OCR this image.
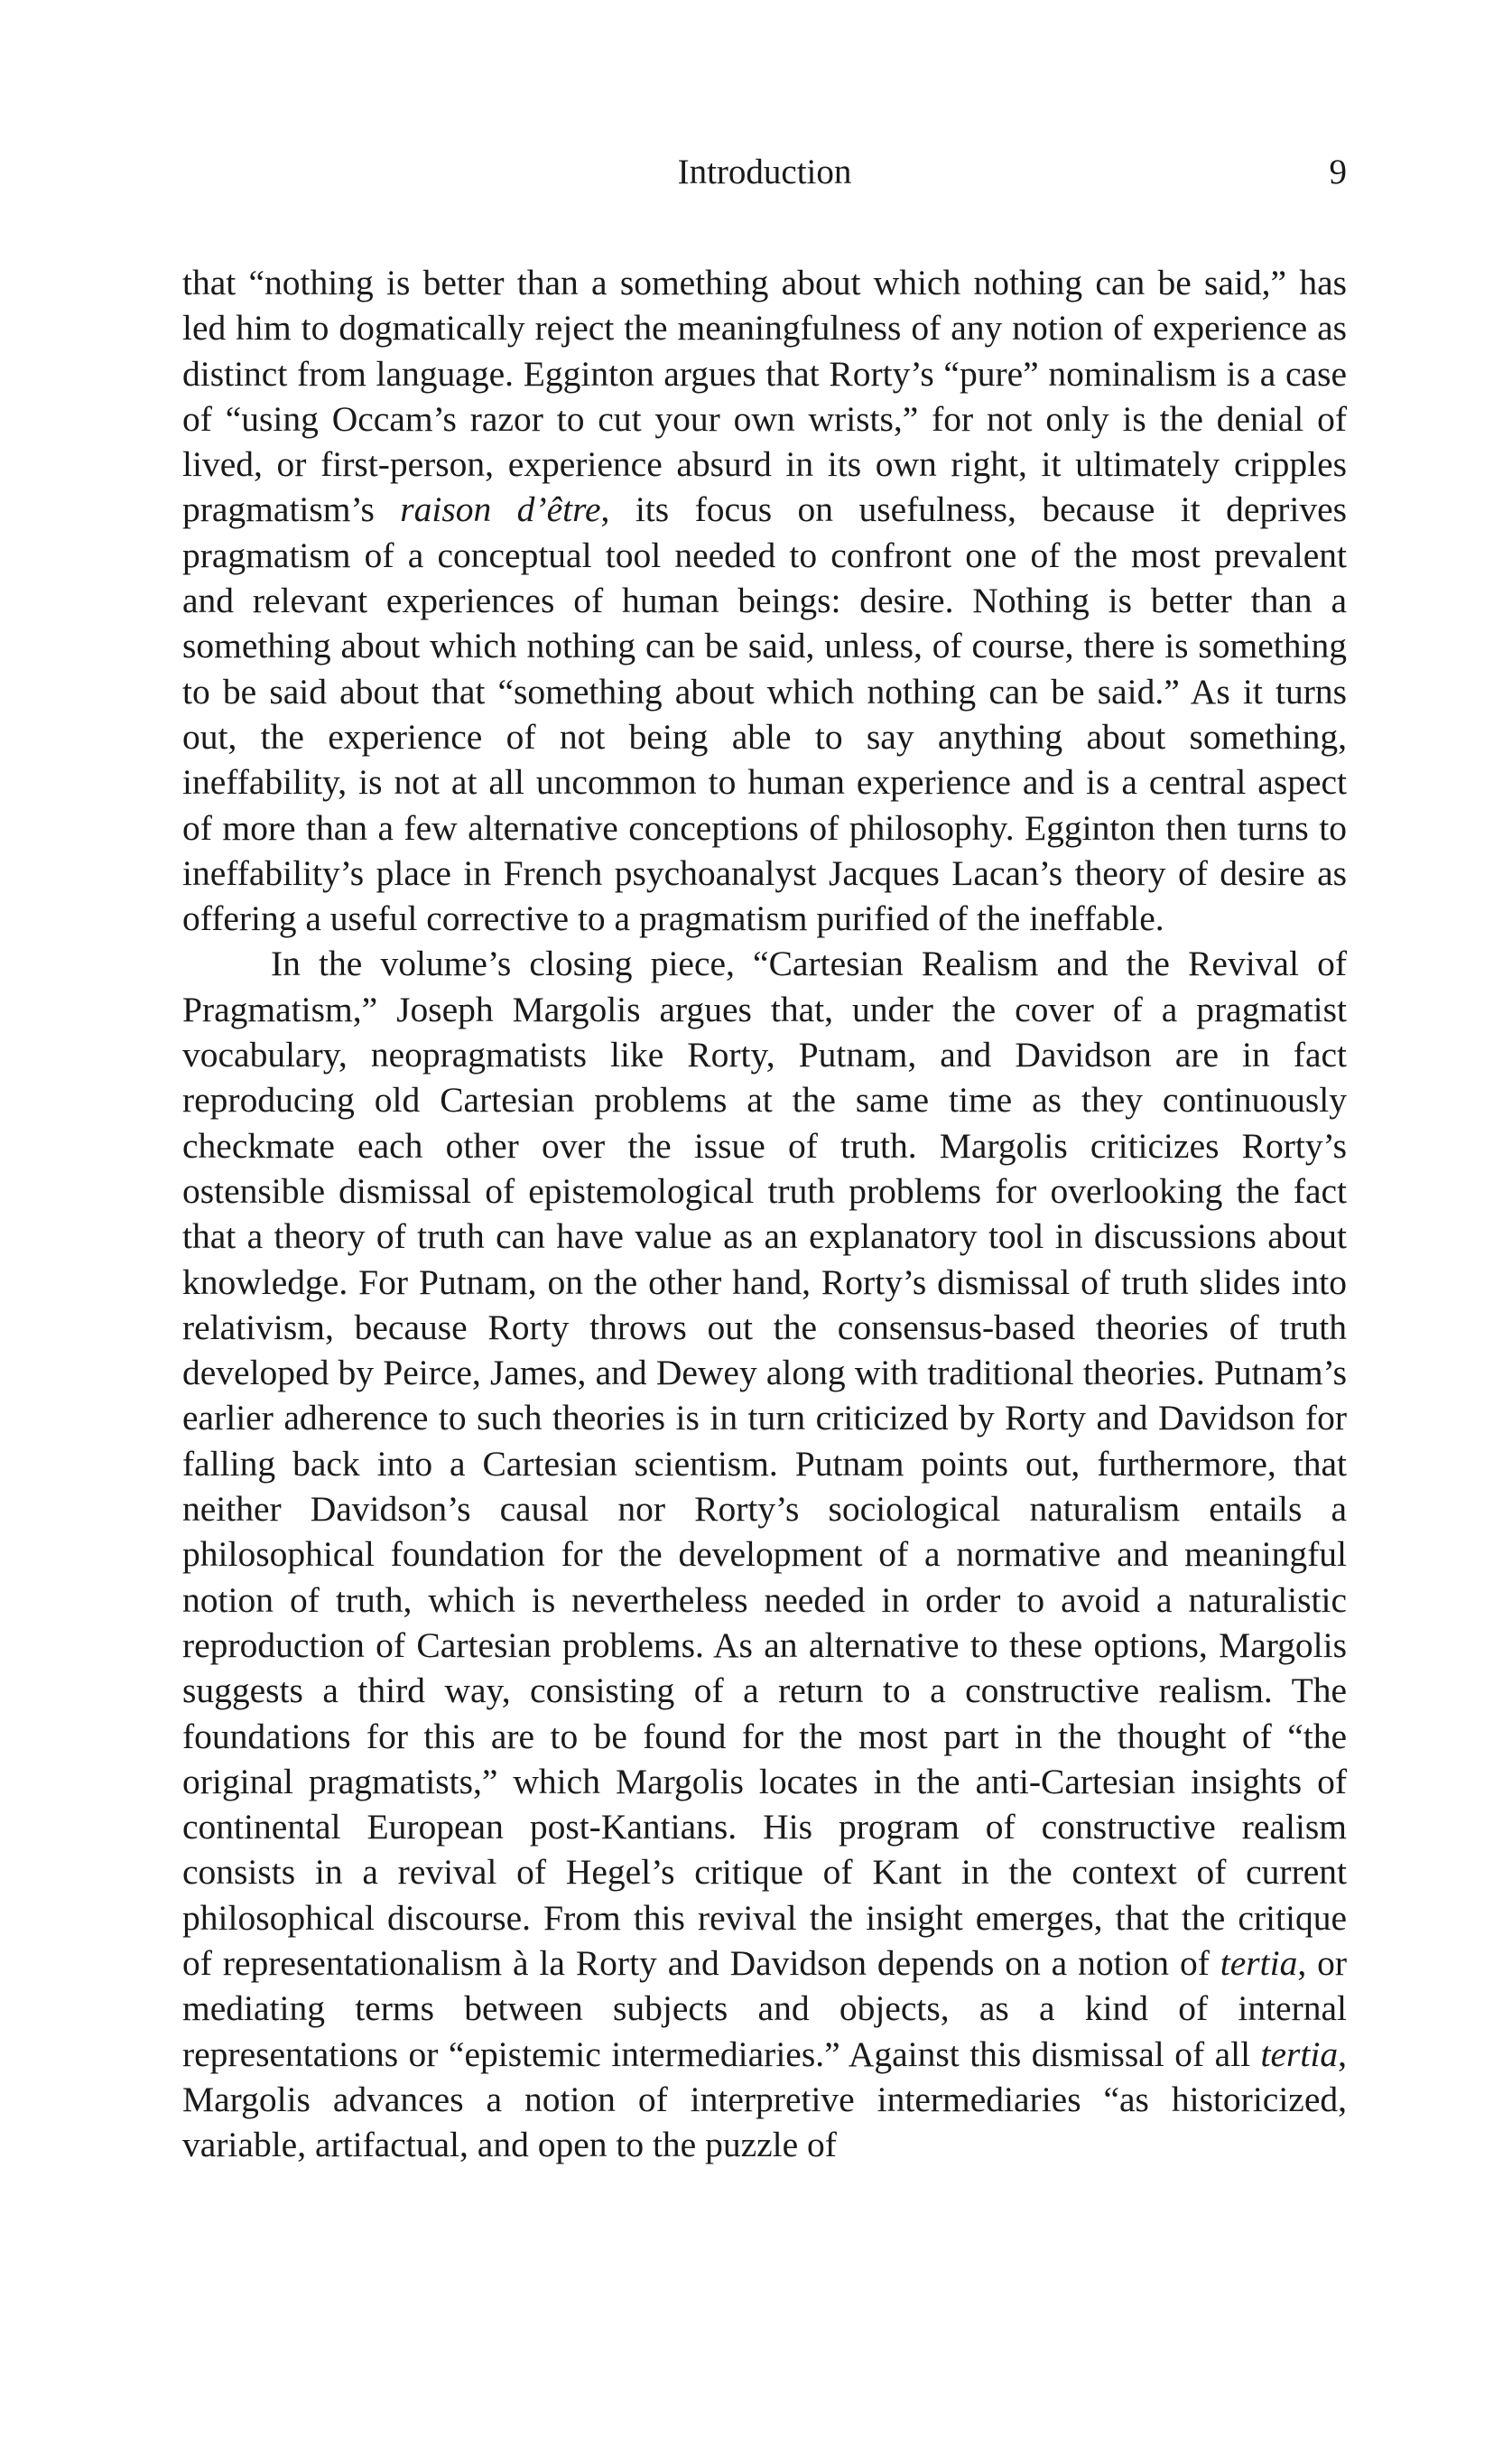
Introduction	9

that “nothing is better than a something about which nothing can be said,” has led him to dogmatically reject the meaningfulness of any notion of experience as distinct from language. Egginton argues that Rorty’s “pure” nominalism is a case of “using Occam’s razor to cut your own wrists,” for not only is the denial of lived, or first-person, experience absurd in its own right, it ultimately cripples pragmatism’s raison d’être, its focus on usefulness, because it deprives pragmatism of a conceptual tool needed to confront one of the most prevalent and relevant experiences of human beings: desire. Nothing is better than a something about which nothing can be said, unless, of course, there is something to be said about that “something about which nothing can be said.” As it turns out, the experience of not being able to say anything about something, ineffability, is not at all uncommon to human experience and is a central aspect of more than a few alternative conceptions of philosophy. Egginton then turns to ineffability’s place in French psychoanalyst Jacques Lacan’s theory of desire as offering a useful corrective to a pragmatism purified of the ineffable.

In the volume’s closing piece, “Cartesian Realism and the Revival of Pragmatism,” Joseph Margolis argues that, under the cover of a pragmatist vocabulary, neopragmatists like Rorty, Putnam, and Davidson are in fact reproducing old Cartesian problems at the same time as they continuously checkmate each other over the issue of truth. Margolis criticizes Rorty’s ostensible dismissal of epistemological truth problems for overlooking the fact that a theory of truth can have value as an explanatory tool in discussions about knowledge. For Putnam, on the other hand, Rorty’s dismissal of truth slides into relativism, because Rorty throws out the consensus-based theories of truth developed by Peirce, James, and Dewey along with traditional theories. Putnam’s earlier adherence to such theories is in turn criticized by Rorty and Davidson for falling back into a Cartesian scientism. Putnam points out, furthermore, that neither Davidson’s causal nor Rorty’s sociological naturalism entails a philosophical foundation for the development of a normative and meaningful notion of truth, which is nevertheless needed in order to avoid a naturalistic reproduction of Cartesian problems. As an alternative to these options, Margolis suggests a third way, consisting of a return to a constructive realism. The foundations for this are to be found for the most part in the thought of “the original pragmatists,” which Margolis locates in the anti-Cartesian insights of continental European post-Kantians. His program of constructive realism consists in a revival of Hegel’s critique of Kant in the context of current philosophical discourse. From this revival the insight emerges, that the critique of representationalism à la Rorty and Davidson depends on a notion of tertia, or mediating terms between subjects and objects, as a kind of internal representations or “epistemic intermediaries.” Against this dismissal of all tertia, Margolis advances a notion of interpretive intermediaries “as historicized, variable, artifactual, and open to the puzzle of
